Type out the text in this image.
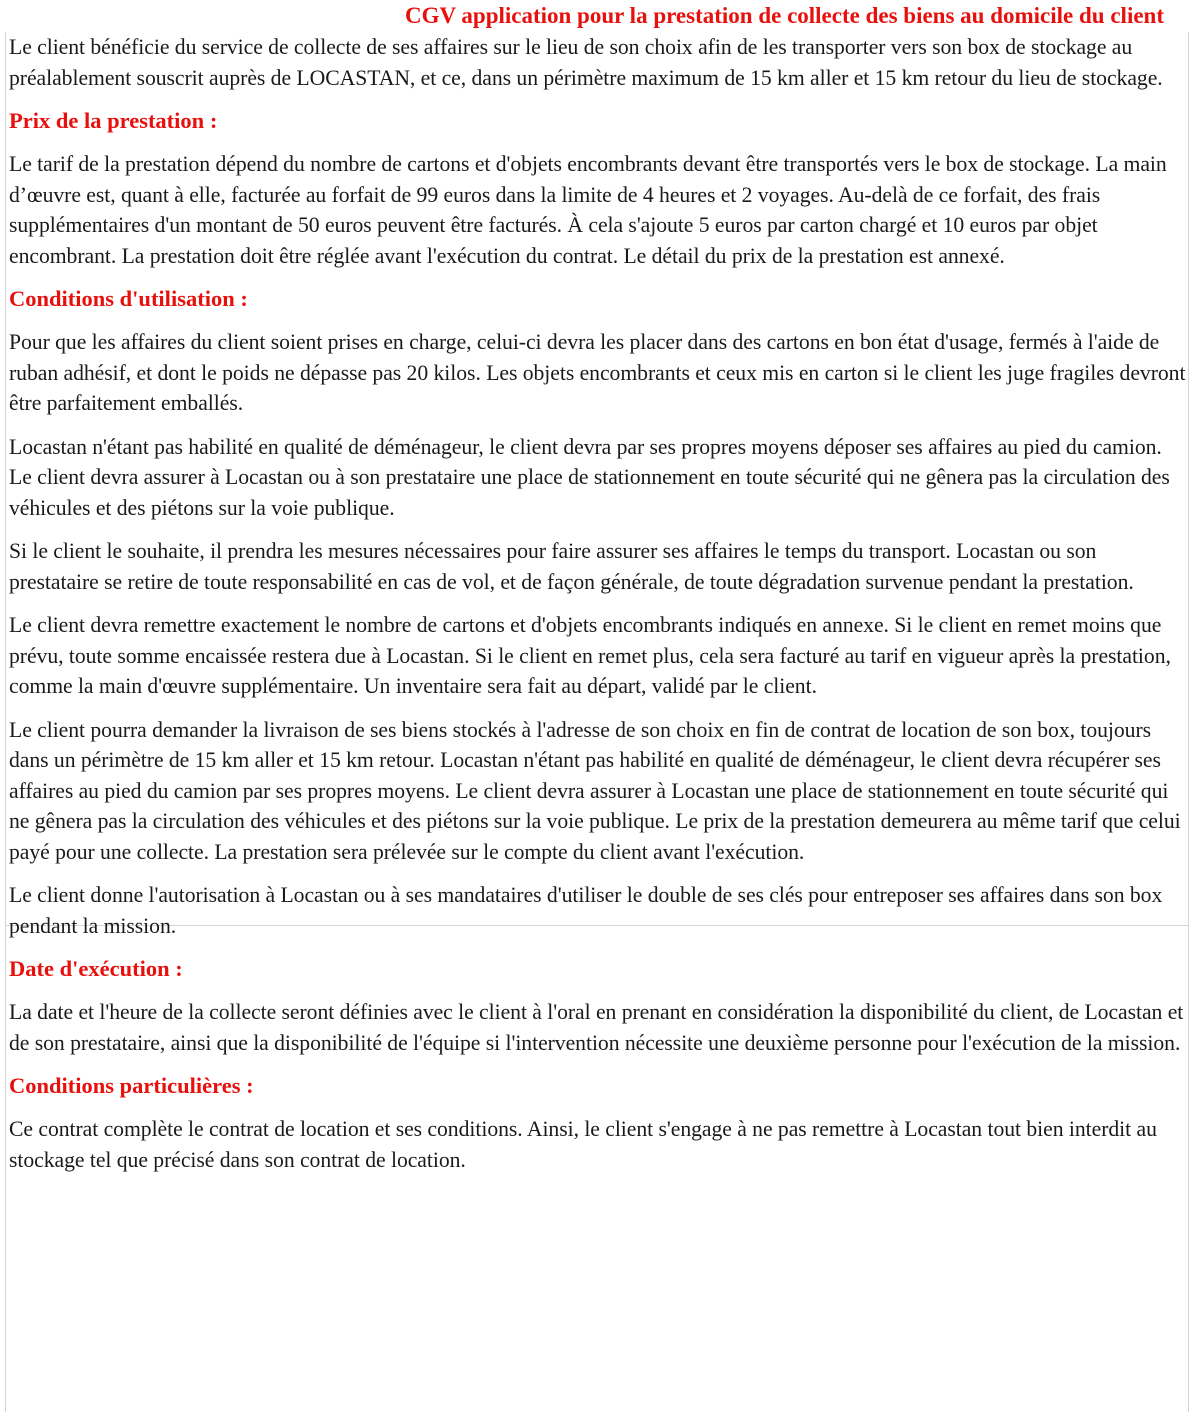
CGV application pour la prestation de collecte des biens au domicile du client

Le client bénéficie du service de collecte de ses affaires sur le lieu de son choix afin de les transporter vers son box de stockage au préalablement souscrit auprès de LOCASTAN, et ce, dans un périmètre maximum de 15 km aller et 15 km retour du lieu de stockage.

Prix de la prestation :

Le tarif de la prestation dépend du nombre de cartons et d'objets encombrants devant être transportés vers le box de stockage. La main d’œuvre est, quant à elle, facturée au forfait de 99 euros dans la limite de 4 heures et 2 voyages. Au-delà de ce forfait, des frais supplémentaires d'un montant de 50 euros peuvent être facturés. À cela s'ajoute 5 euros par carton chargé et 10 euros par objet encombrant. La prestation doit être réglée avant l'exécution du contrat. Le détail du prix de la prestation est annexé.

Conditions d'utilisation :

Pour que les affaires du client soient prises en charge, celui-ci devra les placer dans des cartons en bon état d'usage, fermés à l'aide de ruban adhésif, et dont le poids ne dépasse pas 20 kilos. Les objets encombrants et ceux mis en carton si le client les juge fragiles devront être parfaitement emballés.

Locastan n'étant pas habilité en qualité de déménageur, le client devra par ses propres moyens déposer ses affaires au pied du camion. Le client devra assurer à Locastan ou à son prestataire une place de stationnement en toute sécurité qui ne gênera pas la circulation des véhicules et des piétons sur la voie publique.

Si le client le souhaite, il prendra les mesures nécessaires pour faire assurer ses affaires le temps du transport. Locastan ou son prestataire se retire de toute responsabilité en cas de vol, et de façon générale, de toute dégradation survenue pendant la prestation.

Le client devra remettre exactement le nombre de cartons et d'objets encombrants indiqués en annexe. Si le client en remet moins que prévu, toute somme encaissée restera due à Locastan. Si le client en remet plus, cela sera facturé au tarif en vigueur après la prestation, comme la main d'œuvre supplémentaire. Un inventaire sera fait au départ, validé par le client.

Le client pourra demander la livraison de ses biens stockés à l'adresse de son choix en fin de contrat de location de son box, toujours dans un périmètre de 15 km aller et 15 km retour. Locastan n'étant pas habilité en qualité de déménageur, le client devra récupérer ses affaires au pied du camion par ses propres moyens. Le client devra assurer à Locastan une place de stationnement en toute sécurité qui ne gênera pas la circulation des véhicules et des piétons sur la voie publique. Le prix de la prestation demeurera au même tarif que celui payé pour une collecte. La prestation sera prélevée sur le compte du client avant l'exécution.

Le client donne l'autorisation à Locastan ou à ses mandataires d'utiliser le double de ses clés pour entreposer ses affaires dans son box pendant la mission.

Date d'exécution :

La date et l'heure de la collecte seront définies avec le client à l'oral en prenant en considération la disponibilité du client, de Locastan et de son prestataire, ainsi que la disponibilité de l'équipe si l'intervention nécessite une deuxième personne pour l'exécution de la mission.

Conditions particulières :

Ce contrat complète le contrat de location et ses conditions. Ainsi, le client s'engage à ne pas remettre à Locastan tout bien interdit au stockage tel que précisé dans son contrat de location.
